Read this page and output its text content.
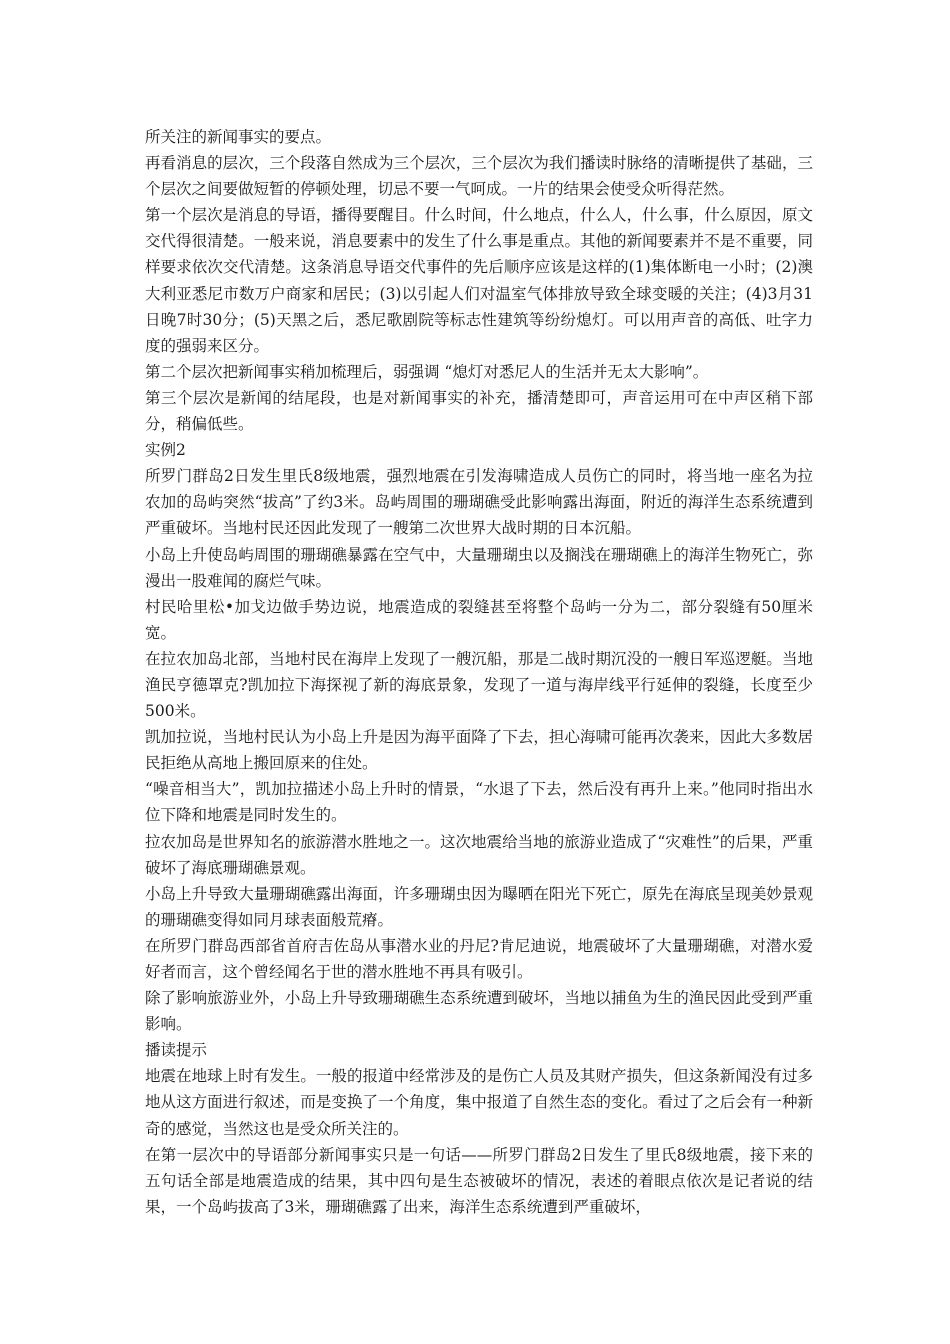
所关注的新闻事实的要点。

再看消息的层次，三个段落自然成为三个层次，三个层次为我们播读时脉络的清晰提供了基础，三个层次之间要做短暂的停顿处理，切忌不要一气呵成。一片的结果会使受众听得茫然。

第一个层次是消息的导语，播得要醒目。什么时间，什么地点，什么人，什么事，什么原因，原文交代得很清楚。一般来说，消息要素中的发生了什么事是重点。其他的新闻要素并不是不重要，同样要求依次交代清楚。这条消息导语交代事件的先后顺序应该是这样的(1)集体断电一小时；(2)澳大利亚悉尼市数万户商家和居民；(3)以引起人们对温室气体排放导致全球变暖的关注；(4)3月31日晚7时30分；(5)天黑之后，悉尼歌剧院等标志性建筑等纷纷熄灯。可以用声音的高低、吐字力度的强弱来区分。

第二个层次把新闻事实稍加梳理后，弱强调 “熄灯对悉尼人的生活并无太大影响”。

第三个层次是新闻的结尾段，也是对新闻事实的补充，播清楚即可，声音运用可在中声区稍下部分，稍偏低些。

实例2

所罗门群岛2日发生里氏8级地震，强烈地震在引发海啸造成人员伤亡的同时，将当地一座名为拉农加的岛屿突然“拔高”了约3米。岛屿周围的珊瑚礁受此影响露出海面，附近的海洋生态系统遭到严重破坏。当地村民还因此发现了一艘第二次世界大战时期的日本沉船。

小岛上升使岛屿周围的珊瑚礁暴露在空气中，大量珊瑚虫以及搁浅在珊瑚礁上的海洋生物死亡，弥漫出一股难闻的腐烂气味。

村民哈里松•加戈边做手势边说，地震造成的裂缝甚至将整个岛屿一分为二，部分裂缝有50厘米宽。

在拉农加岛北部，当地村民在海岸上发现了一艘沉船，那是二战时期沉没的一艘日军巡逻艇。当地渔民亨德罩克?凯加拉下海探视了新的海底景象，发现了一道与海岸线平行延伸的裂缝，长度至少500米。

凯加拉说，当地村民认为小岛上升是因为海平面降了下去，担心海啸可能再次袭来，因此大多数居民拒绝从高地上搬回原来的住处。

“噪音相当大”，凯加拉描述小岛上升时的情景，“水退了下去，然后没有再升上来。”他同时指出水位下降和地震是同时发生的。

拉农加岛是世界知名的旅游潜水胜地之一。这次地震给当地的旅游业造成了“灾难性”的后果，严重破坏了海底珊瑚礁景观。

小岛上升导致大量珊瑚礁露出海面，许多珊瑚虫因为曝晒在阳光下死亡，原先在海底呈现美妙景观的珊瑚礁变得如同月球表面般荒瘠。

在所罗门群岛西部省首府吉佐岛从事潜水业的丹尼?肯尼迪说，地震破坏了大量珊瑚礁，对潜水爱好者而言，这个曾经闻名于世的潜水胜地不再具有吸引。

除了影响旅游业外，小岛上升导致珊瑚礁生态系统遭到破坏，当地以捕鱼为生的渔民因此受到严重影响。

播读提示

地震在地球上时有发生。一般的报道中经常涉及的是伤亡人员及其财产损失，但这条新闻没有过多地从这方面进行叙述，而是变换了一个角度，集中报道了自然生态的变化。看过了之后会有一种新奇的感觉，当然这也是受众所关注的。

在第一层次中的导语部分新闻事实只是一句话——所罗门群岛2日发生了里氏8级地震，接下来的五句话全部是地震造成的结果，其中四句是生态被破坏的情况，表述的着眼点依次是记者说的结果，一个岛屿拔高了3米，珊瑚礁露了出来，海洋生态系统遭到严重破坏，
